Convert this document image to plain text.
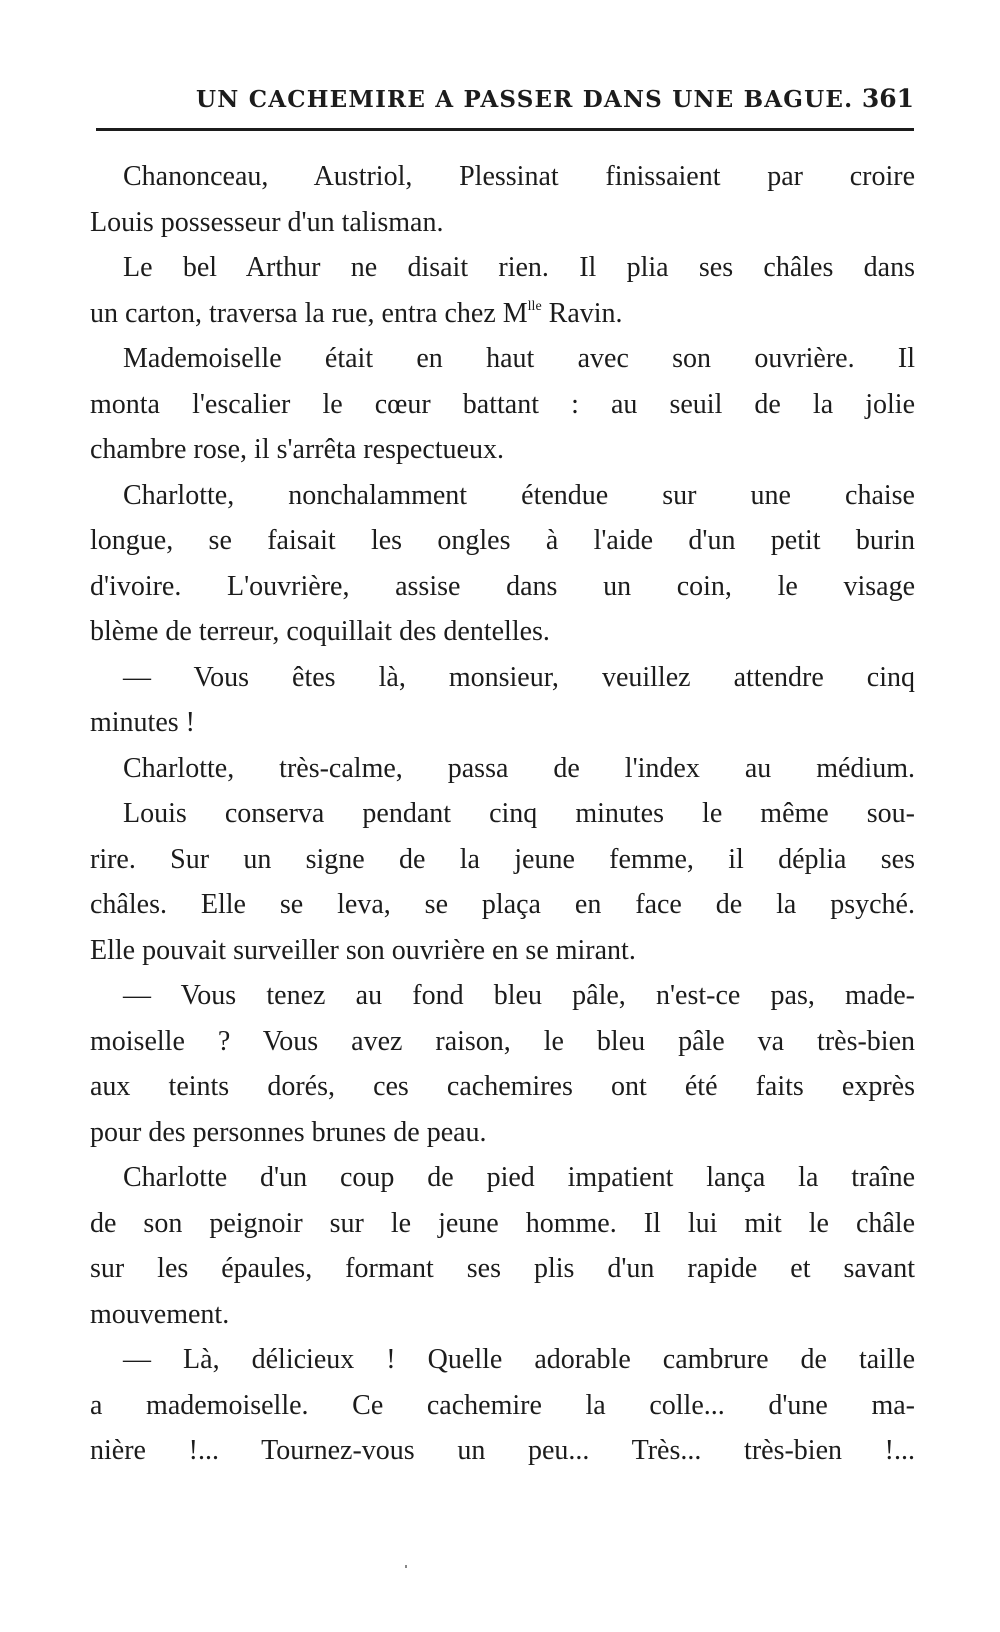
UN CACHEMIRE A PASSER DANS UNE BAGUE. 361
Chanonceau, Austriol, Plessinat finissaient par croire
Louis possesseur d'un talisman.
Le bel Arthur ne disait rien. Il plia ses châles dans
un carton, traversa la rue, entra chez $M^{lle}$ Ravin.
Mademoiselle était en haut avec son ouvrière. Il
monta l'escalier le cœur battant : au seuil de la jolie
chambre rose, il s'arrêta respectueux.
Charlotte, nonchalamment étendue sur une chaise
longue, se faisait les ongles à l'aide d'un petit burin
d'ivoire. L'ouvrière, assise dans un coin, le visage
blème de terreur, coquillait des dentelles.
— Vous êtes là, monsieur, veuillez attendre cinq
minutes !
Charlotte, très-calme, passa de l'index au médium.
Louis conserva pendant cinq minutes le même sou-
rire. Sur un signe de la jeune femme, il déplia ses
châles. Elle se leva, se plaça en face de la psyché.
Elle pouvait surveiller son ouvrière en se mirant.
— Vous tenez au fond bleu pâle, n'est-ce pas, made-
moiselle ? Vous avez raison, le bleu pâle va très-bien
aux teints dorés, ces cachemires ont été faits exprès
pour des personnes brunes de peau.
Charlotte d'un coup de pied impatient lança la traîne
de son peignoir sur le jeune homme. Il lui mit le châle
sur les épaules, formant ses plis d'un rapide et savant
mouvement.
— Là, délicieux ! Quelle adorable cambrure de taille
a mademoiselle. Ce cachemire la colle... d'une ma-
nière !... Tournez-vous un peu... Très... très-bien !...
